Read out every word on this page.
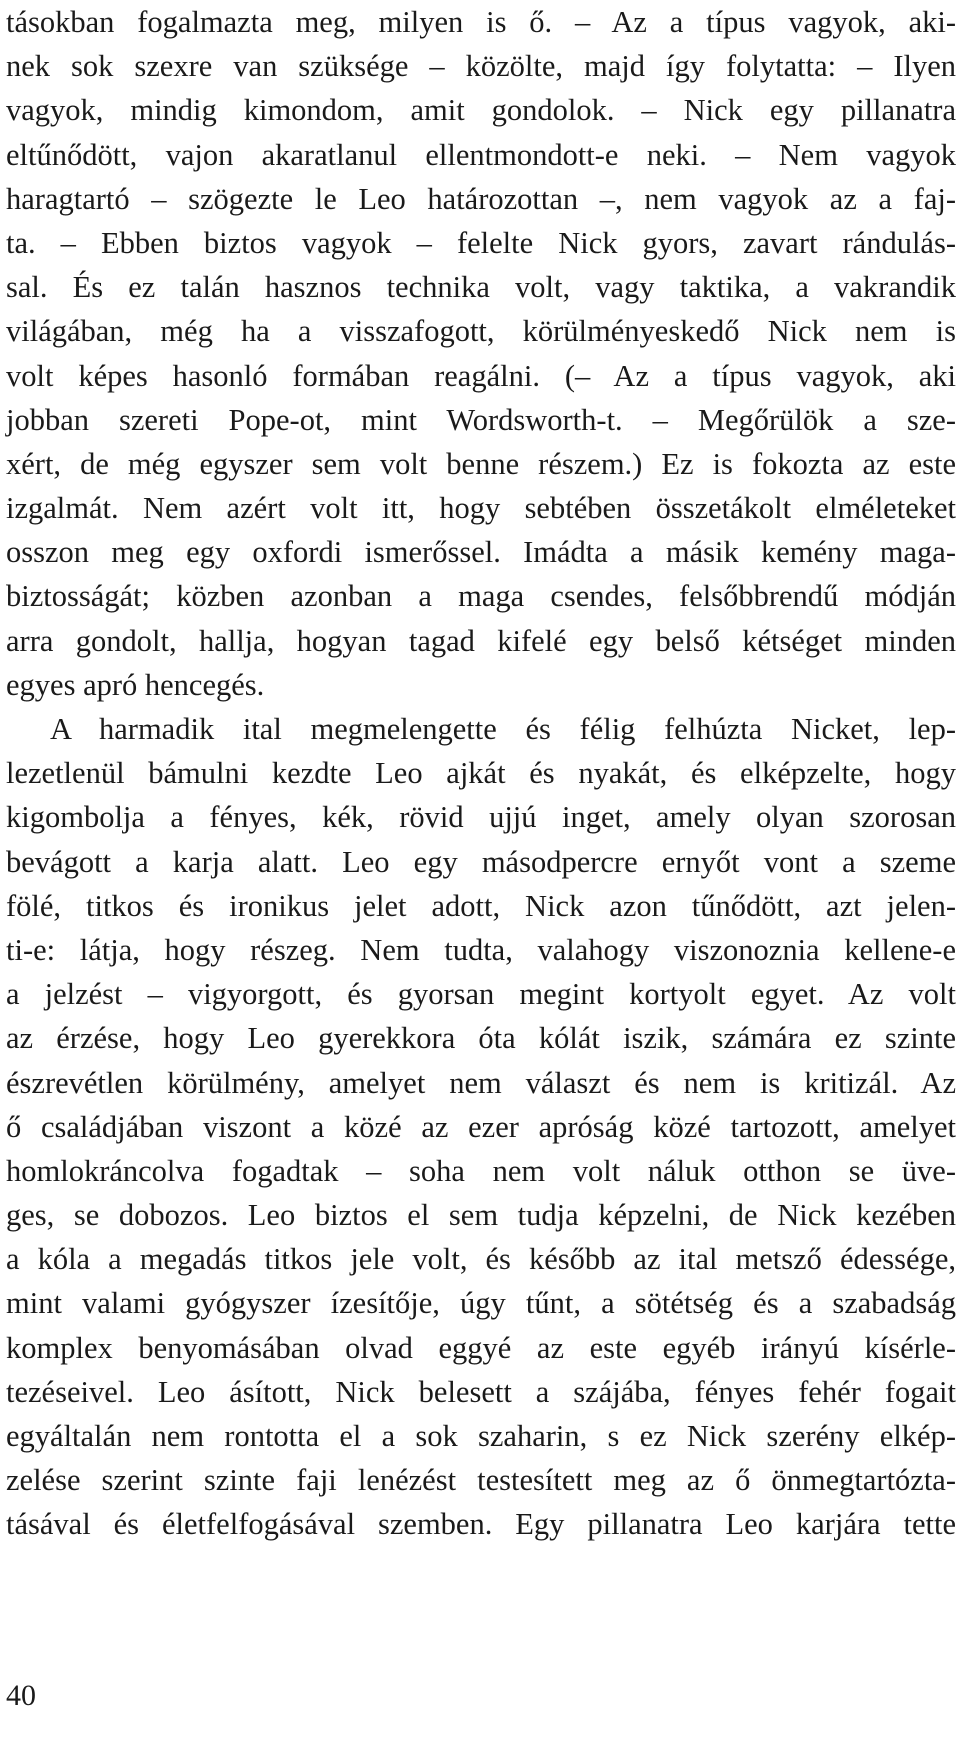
tásokban fogalmazta meg, milyen is ő. – Az a típus vagyok, aki-
nek sok szexre van szüksége – közölte, majd így folytatta: – Ilyen
vagyok, mindig kimondom, amit gondolok. – Nick egy pillanatra
eltűnődött, vajon akaratlanul ellentmondott-e neki. – Nem vagyok
haragtartó – szögezte le Leo határozottan –, nem vagyok az a faj-
ta. – Ebben biztos vagyok – felelte Nick gyors, zavart rándulás-
sal. És ez talán hasznos technika volt, vagy taktika, a vakrandik
világában, még ha a visszafogott, körülményeskedő Nick nem is
volt képes hasonló formában reagálni. (– Az a típus vagyok, aki
jobban szereti Pope-ot, mint Wordsworth-t. – Megőrülök a sze-
xért, de még egyszer sem volt benne részem.) Ez is fokozta az este
izgalmát. Nem azért volt itt, hogy sebtében összetákolt elméleteket
osszon meg egy oxfordi ismerőssel. Imádta a másik kemény maga-
biztosságát; közben azonban a maga csendes, felsőbbrendű módján
arra gondolt, hallja, hogyan tagad kifelé egy belső kétséget minden
egyes apró hencegés.
A harmadik ital megmelengette és félig felhúzta Nicket, lep-
lezetlenül bámulni kezdte Leo ajkát és nyakát, és elképzelte, hogy
kigombolja a fényes, kék, rövid ujjú inget, amely olyan szorosan
bevágott a karja alatt. Leo egy másodpercre ernyőt vont a szeme
fölé, titkos és ironikus jelet adott, Nick azon tűnődött, azt jelen-
ti-e: látja, hogy részeg. Nem tudta, valahogy viszonoznia kellene-e
a jelzést – vigyorgott, és gyorsan megint kortyolt egyet. Az volt
az érzése, hogy Leo gyerekkora óta kólát iszik, számára ez szinte
észrevétlen körülmény, amelyet nem választ és nem is kritizál. Az
ő családjában viszont a közé az ezer apróság közé tartozott, amelyet
homlokráncolva fogadtak – soha nem volt náluk otthon se üve-
ges, se dobozos. Leo biztos el sem tudja képzelni, de Nick kezében
a kóla a megadás titkos jele volt, és később az ital metsző édessége,
mint valami gyógyszer ízesítője, úgy tűnt, a sötétség és a szabadság
komplex benyomásában olvad eggyé az este egyéb irányú kísérle-
tezéseivel. Leo ásított, Nick belesett a szájába, fényes fehér fogait
egyáltalán nem rontotta el a sok szaharin, s ez Nick szerény elkép-
zelése szerint szinte faji lenézést testesített meg az ő önmegtartózta-
tásával és életfelfogásával szemben. Egy pillanatra Leo karjára tette
40
